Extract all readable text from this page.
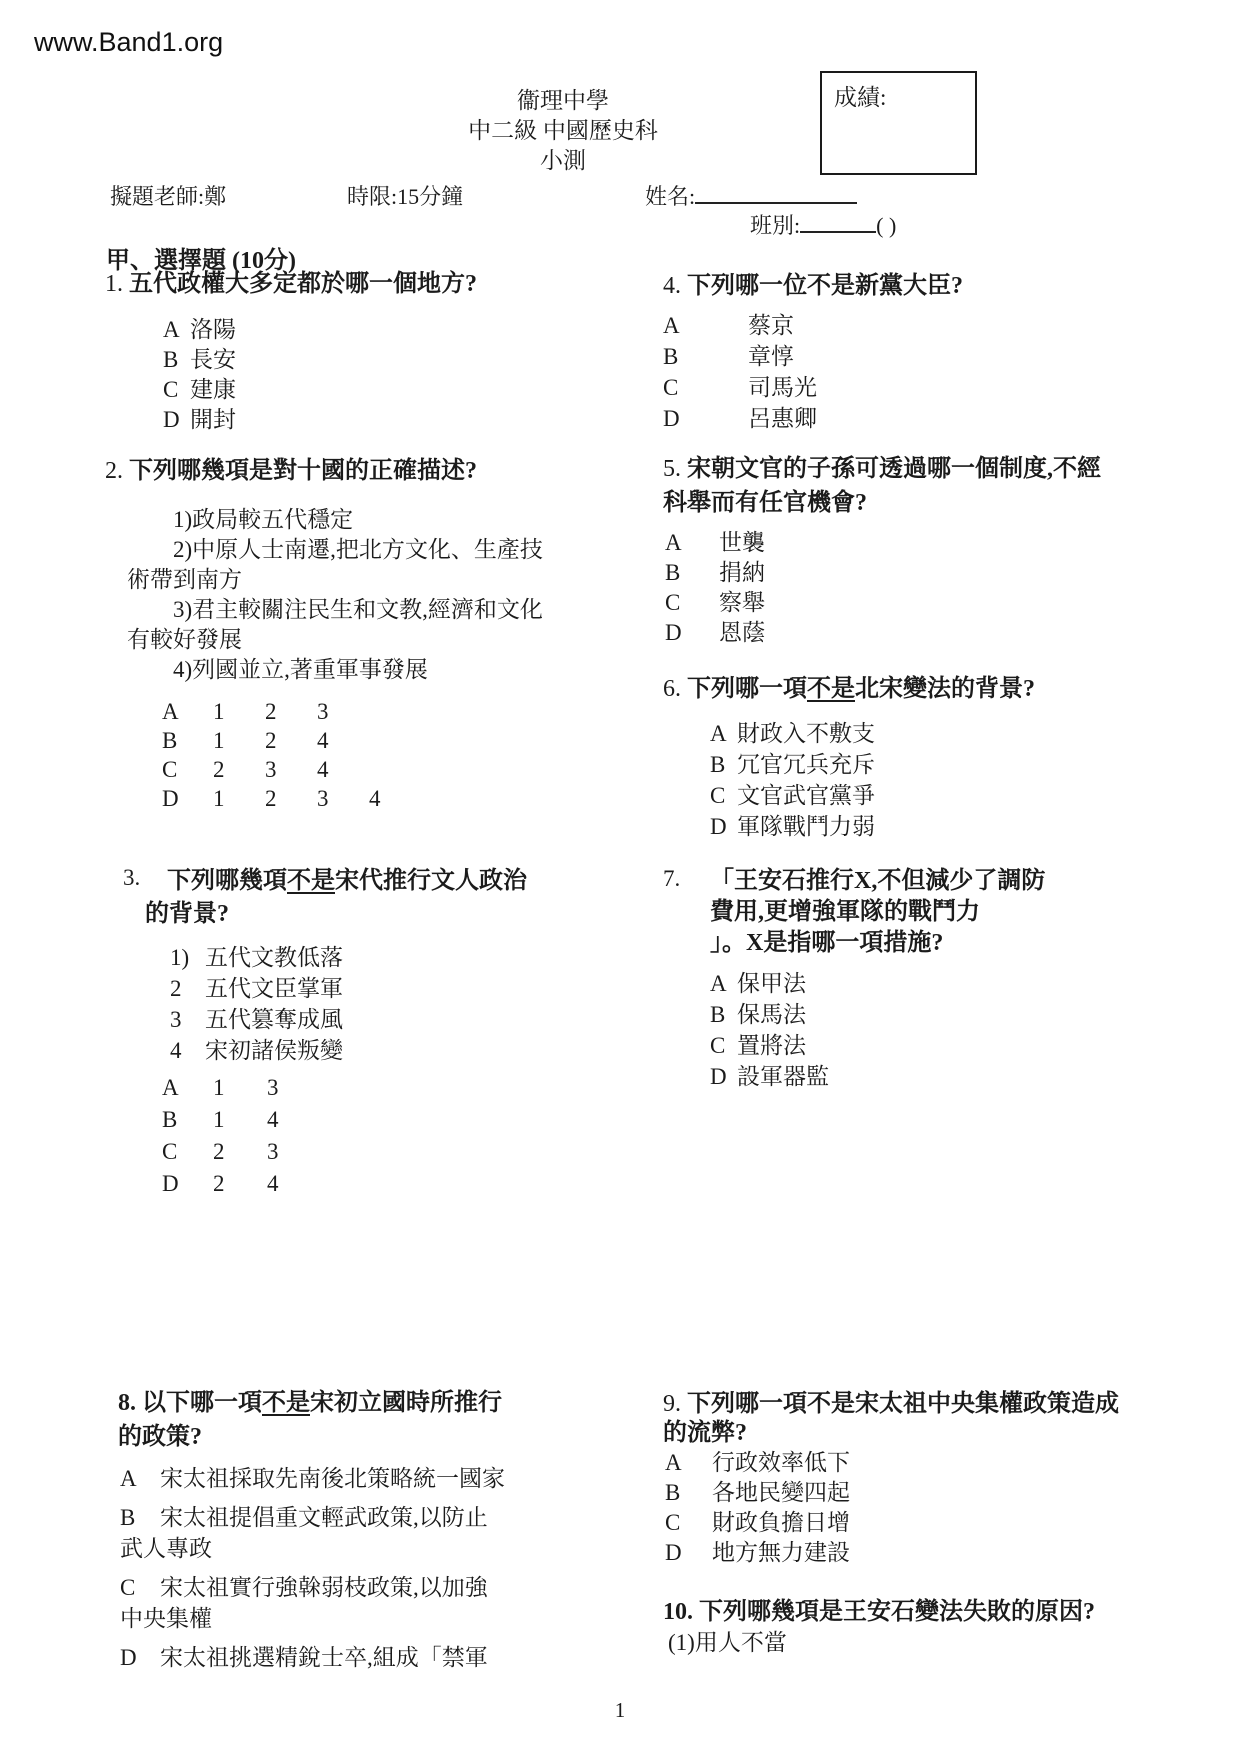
www.Band1.org
衞理中學
中二級 中國歷史科
小測
成績:
擬題老師:鄭	時限:15分鐘	姓名:
班別:	( )
甲、選擇題 (10分)
1. 五代政權大多定都於哪一個地方?
A 洛陽
B 長安
C 建康
D 開封
2. 下列哪幾項是對十國的正確描述?
1)政局較五代穩定
2)中原人士南遷,把北方文化、生產技
術帶到南方
3)君主較關注民生和文教,經濟和文化
有較好發展
4)列國並立,著重軍事發展
A 1 2 3
B 1 2 4
C 2 3 4
D 1 2 3 4
3.	下列哪幾項不是宋代推行文人政治
的背景?
1) 五代文教低落
2 五代文臣掌軍
3 五代篡奪成風
4 宋初諸侯叛變
A 1 3
B 1 4
C 2 3
D 2 4
8. 以下哪一項不是宋初立國時所推行
的政策?
A 宋太祖採取先南後北策略統一國家
B 宋太祖提倡重文輕武政策,以防止
武人專政
C 宋太祖實行強榦弱枝政策,以加強
中央集權
D 宋太祖挑選精銳士卒,組成「禁軍
4. 下列哪一位不是新黨大臣?
A	蔡京
B	章惇
C	司馬光
D	呂惠卿
5. 宋朝文官的子孫可透過哪一個制度,不經
科舉而有任官機會?
A 世襲
B 捐納
C 察舉
D 恩蔭
6. 下列哪一項不是北宋變法的背景?
A 財政入不敷支
B 冗官冗兵充斥
C 文官武官黨爭
D 軍隊戰鬥力弱
7. 「王安石推行X,不但減少了調防
費用,更增強軍隊的戰鬥力
」。X是指哪一項措施?
A 保甲法
B 保馬法
C 置將法
D 設軍器監
9. 下列哪一項不是宋太祖中央集權政策造成
的流弊?
A 行政效率低下
B 各地民變四起
C 財政負擔日增
D 地方無力建設
10. 下列哪幾項是王安石變法失敗的原因?
(1)用人不當
1
